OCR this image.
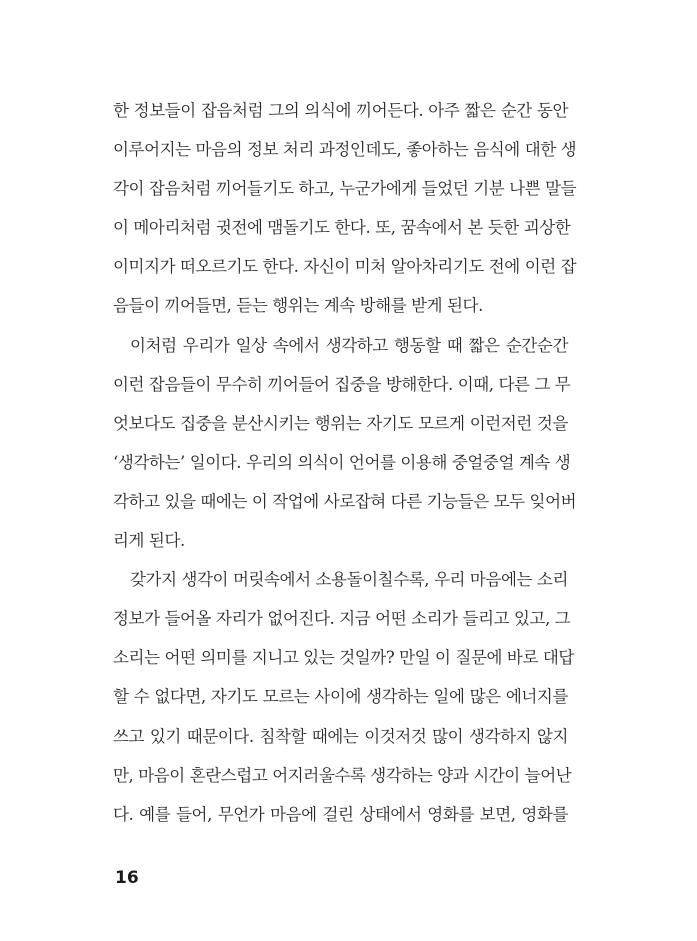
한 정보들이 잡음처럼 그의 의식에 끼어든다. 아주 짧은 순간 동안
이루어지는 마음의 정보 처리 과정인데도, 좋아하는 음식에 대한 생
각이 잡음처럼 끼어들기도 하고, 누군가에게 들었던 기분 나쁜 말들
이 메아리처럼 귓전에 맴돌기도 한다. 또, 꿈속에서 본 듯한 괴상한
이미지가 떠오르기도 한다. 자신이 미처 알아차리기도 전에 이런 잡
음들이 끼어들면, 듣는 행위는 계속 방해를 받게 된다.
이처럼 우리가 일상 속에서 생각하고 행동할 때 짧은 순간순간
이런 잡음들이 무수히 끼어들어 집중을 방해한다. 이때, 다른 그 무
엇보다도 집중을 분산시키는 행위는 자기도 모르게 이런저런 것을
‘생각하는’ 일이다. 우리의 의식이 언어를 이용해 중얼중얼 계속 생
각하고 있을 때에는 이 작업에 사로잡혀 다른 기능들은 모두 잊어버
리게 된다.
갖가지 생각이 머릿속에서 소용돌이칠수록, 우리 마음에는 소리
정보가 들어올 자리가 없어진다. 지금 어떤 소리가 들리고 있고, 그
소리는 어떤 의미를 지니고 있는 것일까? 만일 이 질문에 바로 대답
할 수 없다면, 자기도 모르는 사이에 생각하는 일에 많은 에너지를
쓰고 있기 때문이다. 침착할 때에는 이것저것 많이 생각하지 않지
만, 마음이 혼란스럽고 어지러울수록 생각하는 양과 시간이 늘어난
다. 예를 들어, 무언가 마음에 걸린 상태에서 영화를 보면, 영화를
16
